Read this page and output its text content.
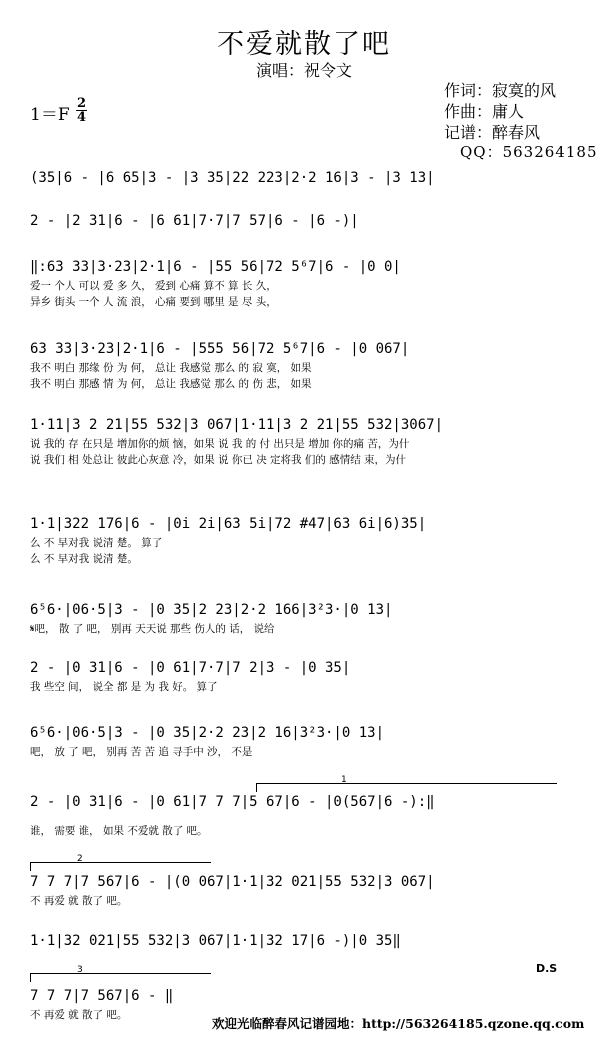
不爱就散了吧
演唱：祝令文
作词：寂寞的风
作曲：庸人
记谱：醉春风
QQ：563264185
1＝F
2
4
(35|6 - |6 65|3 - |3 35|22 223|2·2 16|3 - |3 13|
2 - |2 31|6 - |6 61|7·7|7 57|6 - |6 -)|
‖:63 33|3·23|2·1|6 - |55 56|72 5⁶7|6 - |0 0|
爱一 个人 可以 爱 多 久， 爱到 心痛 算不 算 长 久，
异乡 街头 一个 人 流 浪， 心痛 要到 哪里 是 尽 头，
63 33|3·23|2·1|6 - |555 56|72 5⁶7|6 - |0 067|
我不 明白 那缘 份 为 何， 总让 我感觉 那么 的 寂 寞， 如果
我不 明白 那感 情 为 何， 总让 我感觉 那么 的 伤 悲， 如果
1·11|3 2 21|55 532|3 067|1·11|3 2 21|55 532|3067|
说 我的 存 在只是 增加你的烦 恼，如果 说 我 的 付 出只是 增加 你的痛 苦，为什
说 我们 相 处总让 彼此心灰意 冷，如果 说 你已 决 定将我 们的 感情结 束，为什
1·1|322 176|6 - |0i 2i|63 5i|72 #47|63 6i|6)35|
么 不 早对我 说清 楚。 算了
么 不 早对我 说清 楚。
6⁵6·|06·5|3 - |0 35|2 23|2·2 166|3²3·|0 13|
𝄋吧， 散 了 吧， 别再 天天说 那些 伤人的 话， 说给
2 - |0 31|6 - |0 61|7·7|7 2|3 - |0 35|
我 些空 间， 说全 都 是 为 我 好。 算了
6⁵6·|06·5|3 - |0 35|2·2 23|2 16|3²3·|0 13|
吧， 放 了 吧， 别再 苦 苦 追 寻手中 沙， 不是
1
2 - |0 31|6 - |0 61|7 7 7|5 67|6 - |0(567|6 -):‖
谁， 需要 谁， 如果 不爱就 散了 吧。
2
7 7 7|7 567|6 - |(0 067|1·1|32 021|55 532|3 067|
不 再爱 就 散了 吧。
1·1|32 021|55 532|3 067|1·1|32 17|6 -)|0 35‖
D.S
3
7 7 7|7 567|6 - ‖
不 再爱 就 散了 吧。
欢迎光临醉春风记谱园地：http://563264185.qzone.qq.com
